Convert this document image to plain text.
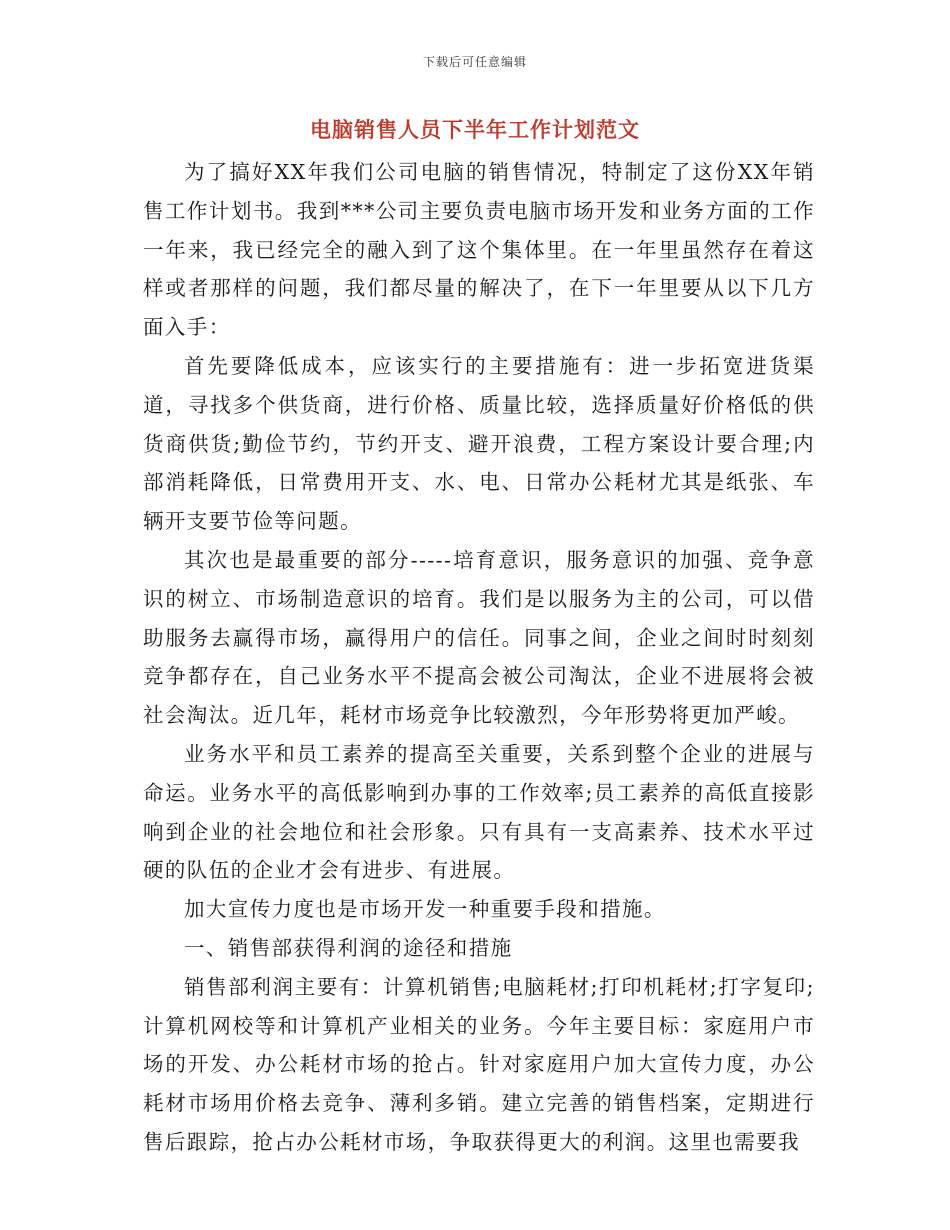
下载后可任意编辑
电脑销售人员下半年工作计划范文

为了搞好XX年我们公司电脑的销售情况，特制定了这份XX年销售工作计划书。我到***公司主要负责电脑市场开发和业务方面的工作一年来，我已经完全的融入到了这个集体里。在一年里虽然存在着这样或者那样的问题，我们都尽量的解决了，在下一年里要从以下几方面入手：

首先要降低成本，应该实行的主要措施有：进一步拓宽进货渠道，寻找多个供货商，进行价格、质量比较，选择质量好价格低的供货商供货;勤俭节约，节约开支、避开浪费，工程方案设计要合理;内部消耗降低，日常费用开支、水、电、日常办公耗材尤其是纸张、车辆开支要节俭等问题。

其次也是最重要的部分-----培育意识，服务意识的加强、竞争意识的树立、市场制造意识的培育。我们是以服务为主的公司，可以借助服务去赢得市场，赢得用户的信任。同事之间，企业之间时时刻刻竞争都存在，自己业务水平不提高会被公司淘汰，企业不进展将会被社会淘汰。近几年，耗材市场竞争比较激烈，今年形势将更加严峻。

业务水平和员工素养的提高至关重要，关系到整个企业的进展与命运。业务水平的高低影响到办事的工作效率;员工素养的高低直接影响到企业的社会地位和社会形象。只有具有一支高素养、技术水平过硬的队伍的企业才会有进步、有进展。

加大宣传力度也是市场开发一种重要手段和措施。

一、销售部获得利润的途径和措施

销售部利润主要有：计算机销售;电脑耗材;打印机耗材;打字复印;计算机网校等和计算机产业相关的业务。今年主要目标：家庭用户市场的开发、办公耗材市场的抢占。针对家庭用户加大宣传力度，办公耗材市场用价格去竞争、薄利多销。建立完善的销售档案，定期进行售后跟踪，抢占办公耗材市场，争取获得更大的利润。这里也需要我
